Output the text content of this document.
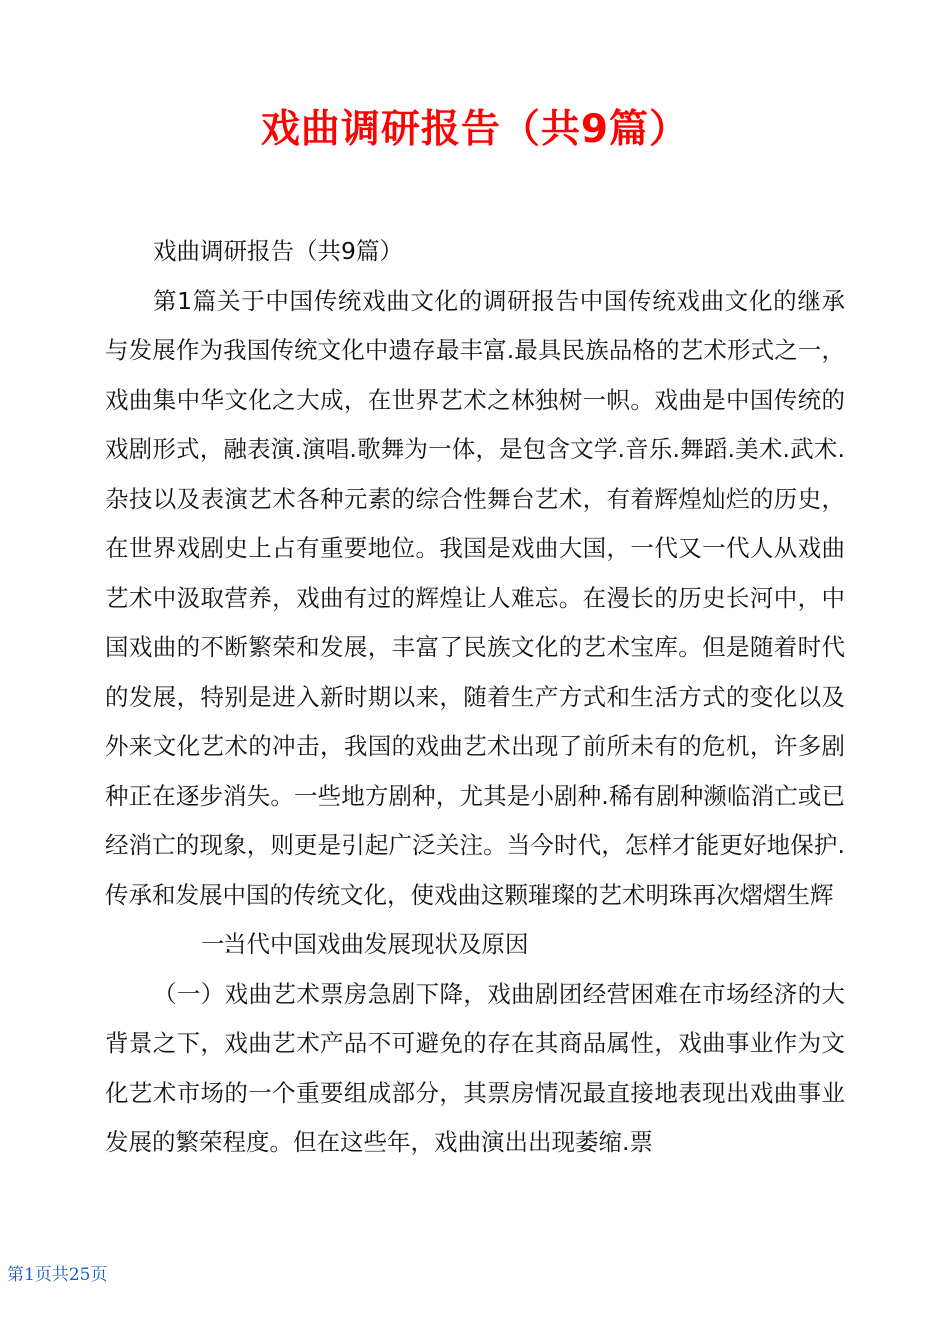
戏曲调研报告（共9篇）

戏曲调研报告（共9篇）

第1篇关于中国传统戏曲文化的调研报告中国传统戏曲文化的继承与发展作为我国传统文化中遗存最丰富.最具民族品格的艺术形式之一，戏曲集中华文化之大成，在世界艺术之林独树一帜。戏曲是中国传统的戏剧形式，融表演.演唱.歌舞为一体，是包含文学.音乐.舞蹈.美术.武术.杂技以及表演艺术各种元素的综合性舞台艺术，有着辉煌灿烂的历史，在世界戏剧史上占有重要地位。我国是戏曲大国，一代又一代人从戏曲艺术中汲取营养，戏曲有过的辉煌让人难忘。在漫长的历史长河中，中国戏曲的不断繁荣和发展，丰富了民族文化的艺术宝库。但是随着时代的发展，特别是进入新时期以来，随着生产方式和生活方式的变化以及外来文化艺术的冲击，我国的戏曲艺术出现了前所未有的危机，许多剧种正在逐步消失。一些地方剧种，尤其是小剧种.稀有剧种濒临消亡或已经消亡的现象，则更是引起广泛关注。当今时代，怎样才能更好地保护.传承和发展中国的传统文化，使戏曲这颗璀璨的艺术明珠再次熠熠生辉

一.当代中国戏曲发展现状及原因

（一）戏曲艺术票房急剧下降，戏曲剧团经营困难在市场经济的大背景之下，戏曲艺术产品不可避免的存在其商品属性，戏曲事业作为文化艺术市场的一个重要组成部分，其票房情况最直接地表现出戏曲事业发展的繁荣程度。但在这些年，戏曲演出出现萎缩.票

第1页共25页
